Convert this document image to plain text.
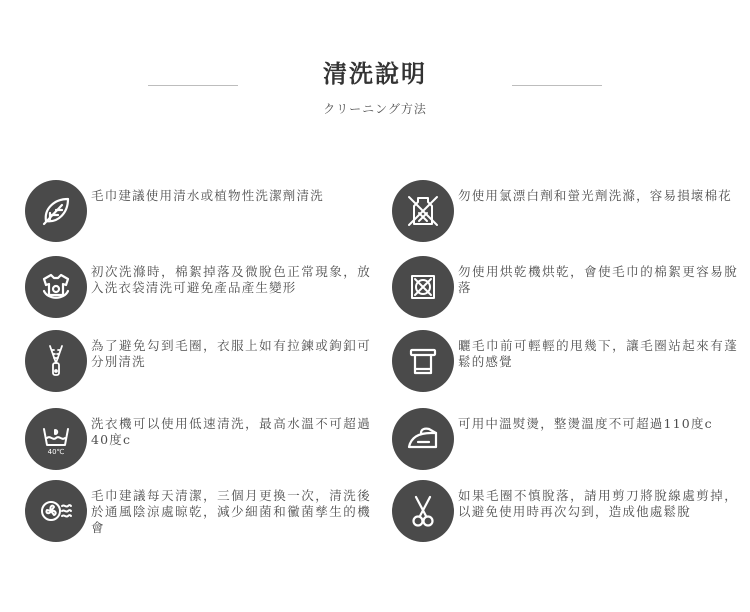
清洗說明
クリーニング方法
毛巾建議使用清水或植物性洗潔劑清洗	勿使用氯漂白劑和螢光劑洗滌，容易損壞棉花
初次洗滌時，棉絮掉落及微脫色正常現象，放入洗衣袋清洗可避免產品產生變形
勿使用烘乾機烘乾，會使毛巾的棉絮更容易脫落
為了避免勾到毛圈，衣服上如有拉鍊或鉤釦可分別清洗
曬毛巾前可輕輕的甩幾下，讓毛圈站起來有蓬鬆的感覺
40℃
洗衣機可以使用低速清洗，最高水溫不可超過40度c
可用中溫熨燙，整燙溫度不可超過110度c
毛巾建議每天清潔，三個月更換一次，清洗後於通風陰涼處晾乾，減少細菌和黴菌孳生的機會
如果毛圈不慎脫落，請用剪刀將脫線處剪掉，以避免使用時再次勾到，造成他處鬆脫
